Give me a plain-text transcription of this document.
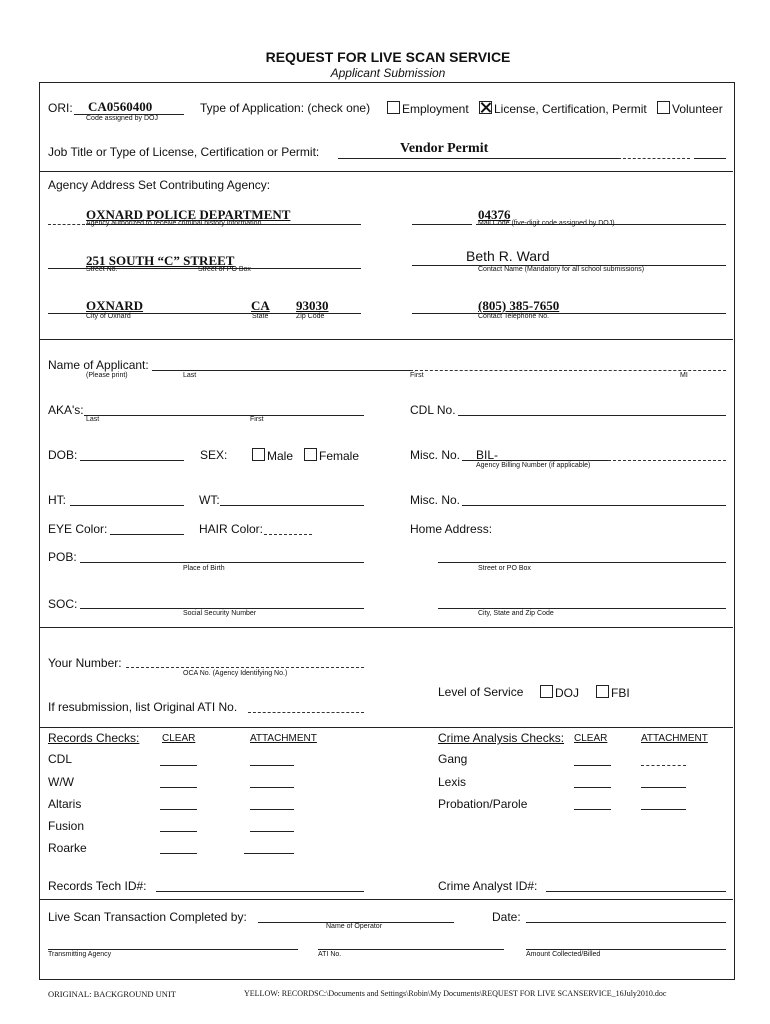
REQUEST FOR LIVE SCAN SERVICE
Applicant Submission
ORI: CA0560400
Code assigned by DOJ
Type of Application: (check one)	Employment	License, Certification, Permit	Volunteer
Job Title or Type of License, Certification or Permit:	Vendor Permit
Agency Address Set Contributing Agency:
OXNARD POLICE DEPARTMENT
Agency authorized to receive criminal history information
04376
Mail Code (five-digit code assigned by DOJ)
251 SOUTH “C” STREET
Street No.	Street or PO Box
Beth R. Ward
Contact Name (Mandatory for all school submissions)
OXNARD	CA 93030
City of Oxnard	State	Zip Code
(805) 385-7650
Contact Telephone No.
Name of Applicant:
(Please print)	Last	First	MI
AKA's:
Last	First
CDL No.
DOB:	SEX:	Male	Female	Misc. No. BIL-
Agency Billing Number (if applicable)
HT:	WT:	Misc. No.
EYE Color:	HAIR Color:	Home Address:
POB:
Place of Birth	Street or PO Box
SOC:
Social Security Number	City, State and Zip Code
Your Number:
OCA No. (Agency Identifying No.)
Level of Service	DOJ	FBI
If resubmission, list Original ATI No.
Records Checks: CLEAR	ATTACHMENT
CDL
W/W
Altaris
Fusion
Roarke
Records Tech ID#:
Crime Analysis Checks: CLEAR	ATTACHMENT
Gang
Lexis
Probation/Parole
Crime Analyst ID#:
Live Scan Transaction Completed by:
Name of Operator
Date:
Transmitting Agency	ATI No.	Amount Collected/Billed
ORIGINAL: BACKGROUND UNIT	YELLOW: RECORDSC:\Documents and Settings\Robin\My Documents\REQUEST FOR LIVE SCANSERVICE_16July2010.doc
